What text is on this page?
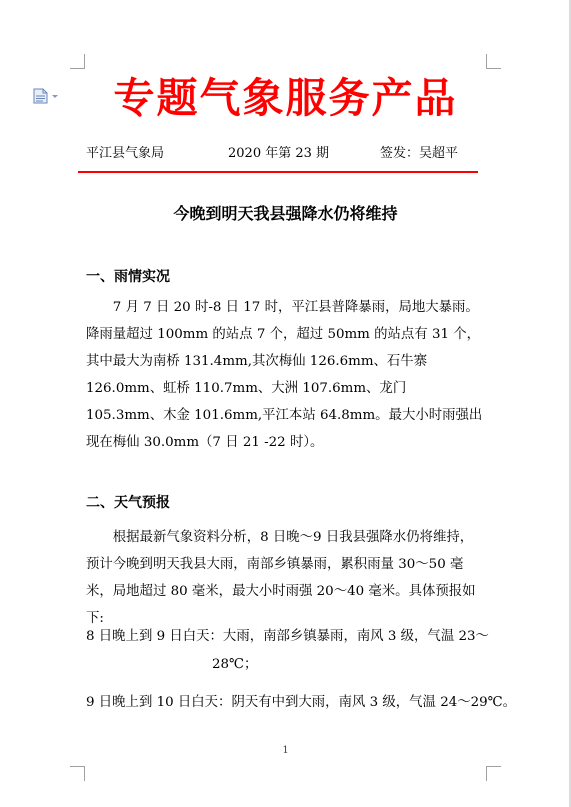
专题气象服务产品
平江县气象局	2020 年第 23 期	签发：吴超平
今晚到明天我县强降水仍将维持
一、雨情实况
7 月 7 日 20 时-8 日 17 时，平江县普降暴雨，局地大暴雨。降雨量超过 100mm 的站点 7 个，超过 50mm 的站点有 31 个，其中最大为南桥 131.4mm,其次梅仙 126.6mm、石牛寨 126.0mm、虹桥 110.7mm、大洲 107.6mm、龙门 105.3mm、木金 101.6mm,平江本站 64.8mm。最大小时雨强出现在梅仙 30.0mm（7 日 21 -22 时）。
二、天气预报
根据最新气象资料分析，8 日晚～9 日我县强降水仍将维持，预计今晚到明天我县大雨，南部乡镇暴雨，累积雨量 30～50 毫米，局地超过 80 毫米，最大小时雨强 20～40 毫米。具体预报如下:
8 日晚上到 9 日白天：大雨，南部乡镇暴雨，南风 3 级，气温 23～
28℃；
9 日晚上到 10 日白天：阴天有中到大雨，南风 3 级，气温 24～29℃。
1
